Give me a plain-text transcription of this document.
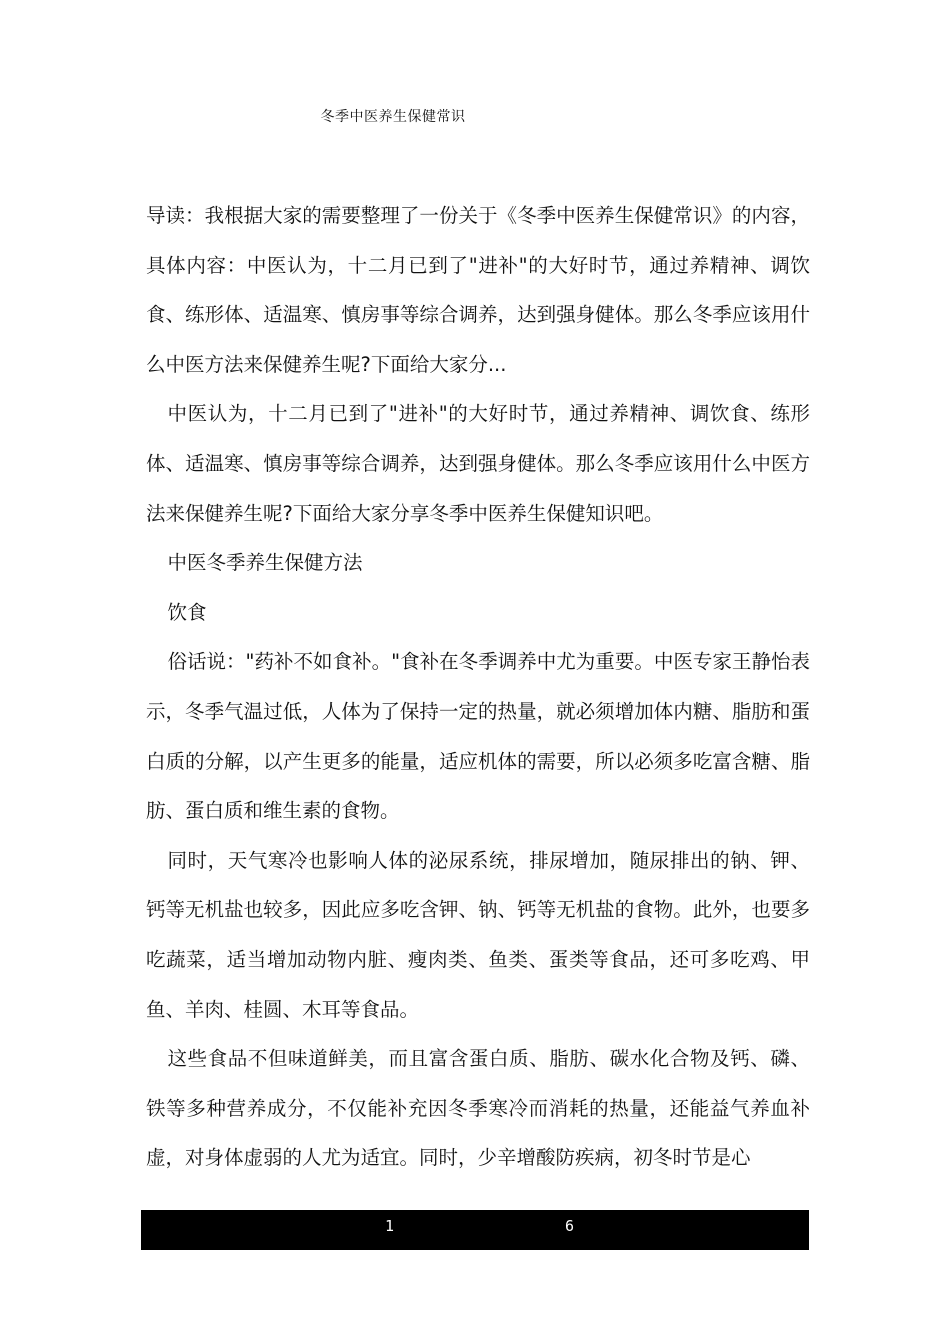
冬季中医养生保健常识

导读：我根据大家的需要整理了一份关于《冬季中医养生保健常识》的内容，具体内容：中医认为，十二月已到了"进补"的大好时节，通过养精神、调饮食、练形体、适温寒、慎房事等综合调养，达到强身健体。那么冬季应该用什么中医方法来保健养生呢?下面给大家分...

中医认为，十二月已到了"进补"的大好时节，通过养精神、调饮食、练形体、适温寒、慎房事等综合调养，达到强身健体。那么冬季应该用什么中医方法来保健养生呢?下面给大家分享冬季中医养生保健知识吧。

中医冬季养生保健方法

饮食

俗话说："药补不如食补。"食补在冬季调养中尤为重要。中医专家王静怡表示，冬季气温过低，人体为了保持一定的热量，就必须增加体内糖、脂肪和蛋白质的分解，以产生更多的能量，适应机体的需要，所以必须多吃富含糖、脂肪、蛋白质和维生素的食物。

同时，天气寒冷也影响人体的泌尿系统，排尿增加，随尿排出的钠、钾、钙等无机盐也较多，因此应多吃含钾、钠、钙等无机盐的食物。此外，也要多吃蔬菜，适当增加动物内脏、瘦肉类、鱼类、蛋类等食品，还可多吃鸡、甲鱼、羊肉、桂圆、木耳等食品。

这些食品不但味道鲜美，而且富含蛋白质、脂肪、碳水化合物及钙、磷、铁等多种营养成分，不仅能补充因冬季寒冷而消耗的热量，还能益气养血补虚，对身体虚弱的人尤为适宜。同时，少辛增酸防疾病，初冬时节是心

1	6
